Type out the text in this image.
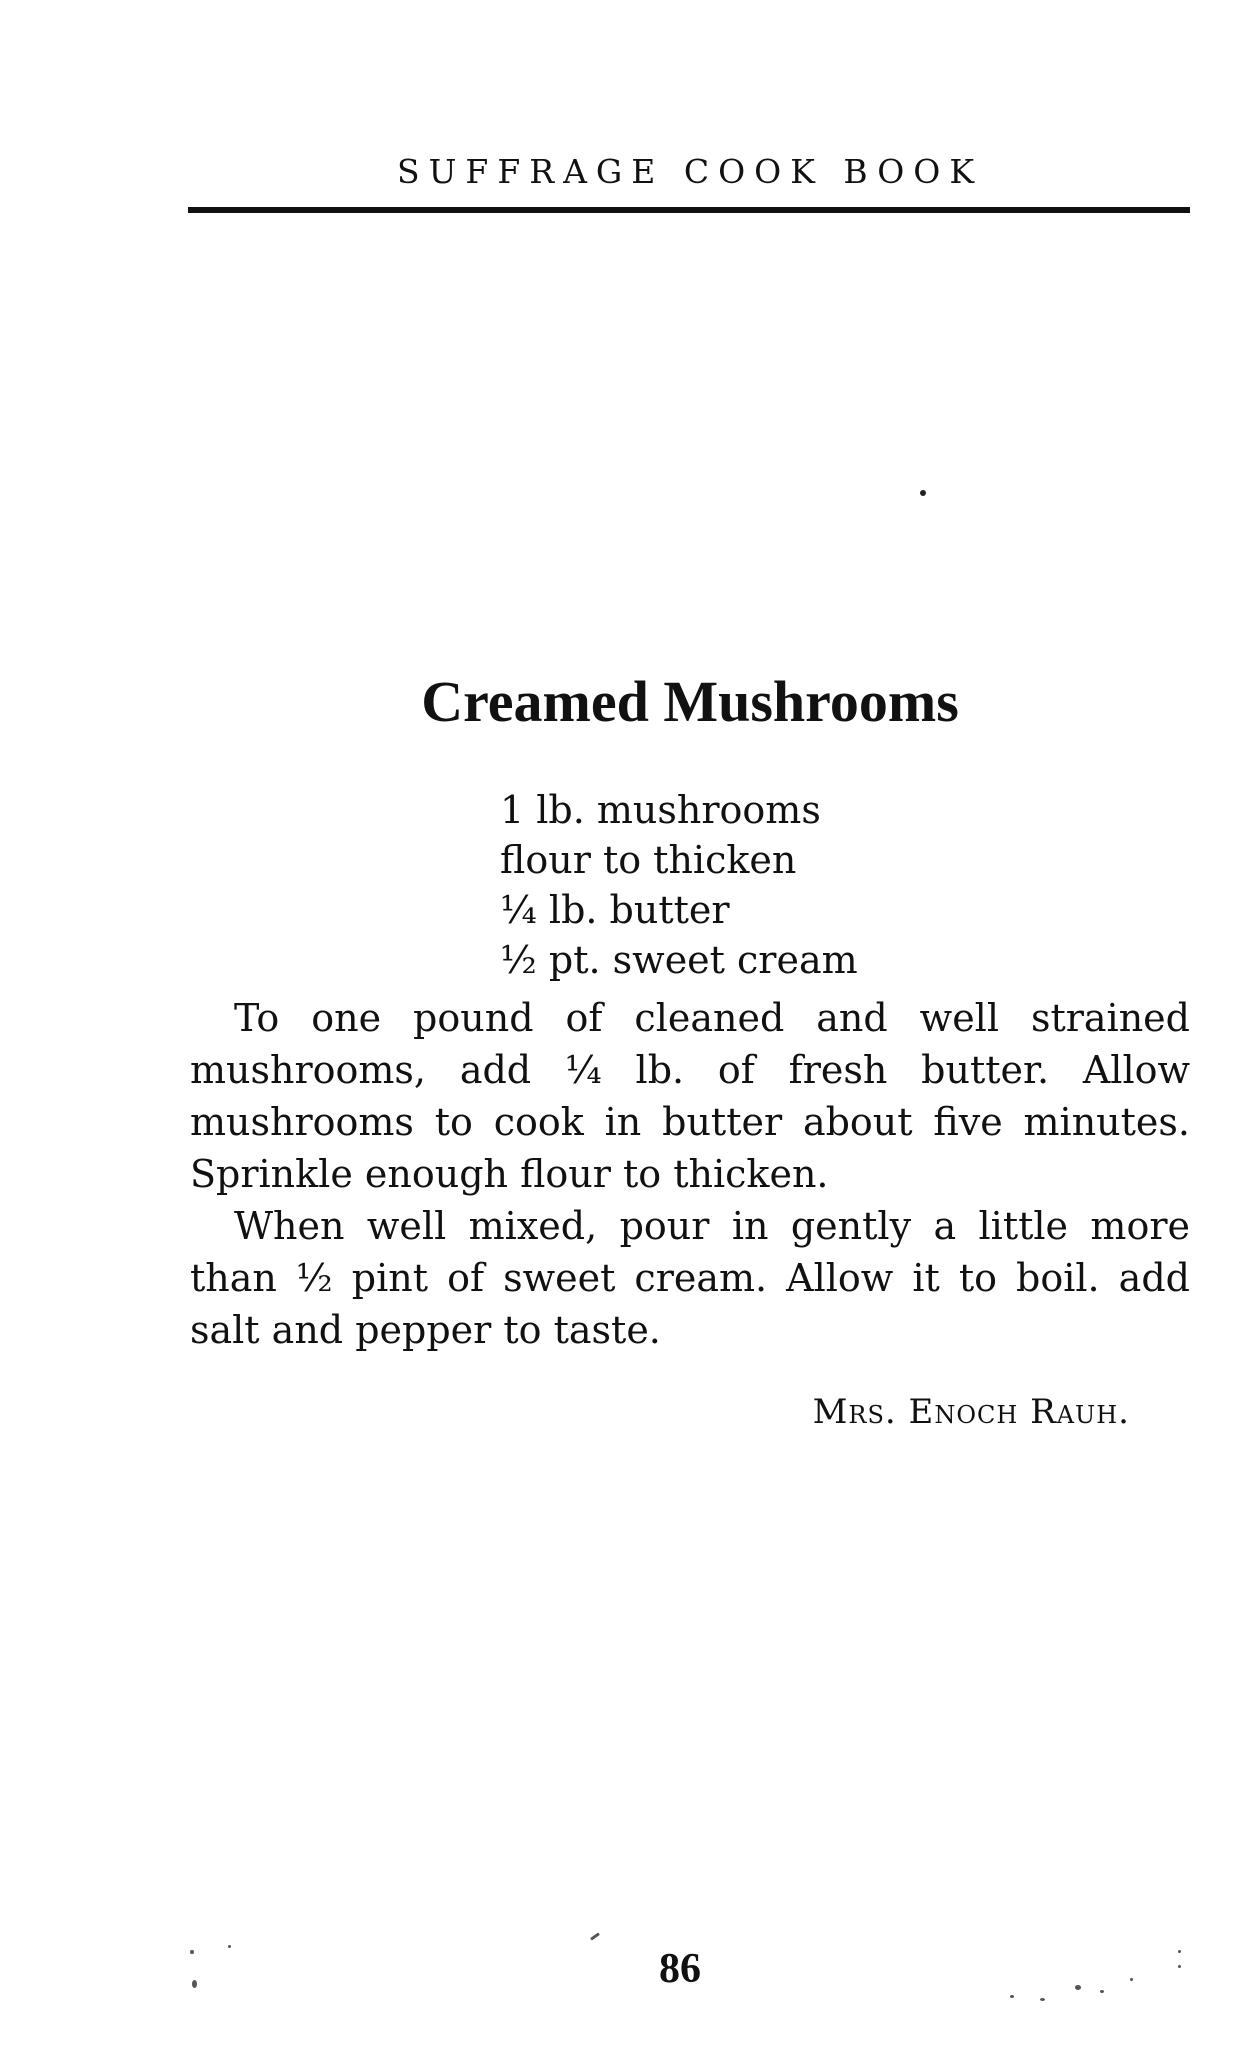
SUFFRAGE COOK BOOK
Creamed Mushrooms
1 lb. mushrooms
flour to thicken
¼ lb. butter
½ pt. sweet cream

To one pound of cleaned and well strained mushrooms, add ¼ lb. of fresh butter. Allow mushrooms to cook in butter about five minutes. Sprinkle enough flour to thicken.

When well mixed, pour in gently a little more than ½ pint of sweet cream. Allow it to boil. add salt and pepper to taste.

Mrs. Enoch Rauh.
86
